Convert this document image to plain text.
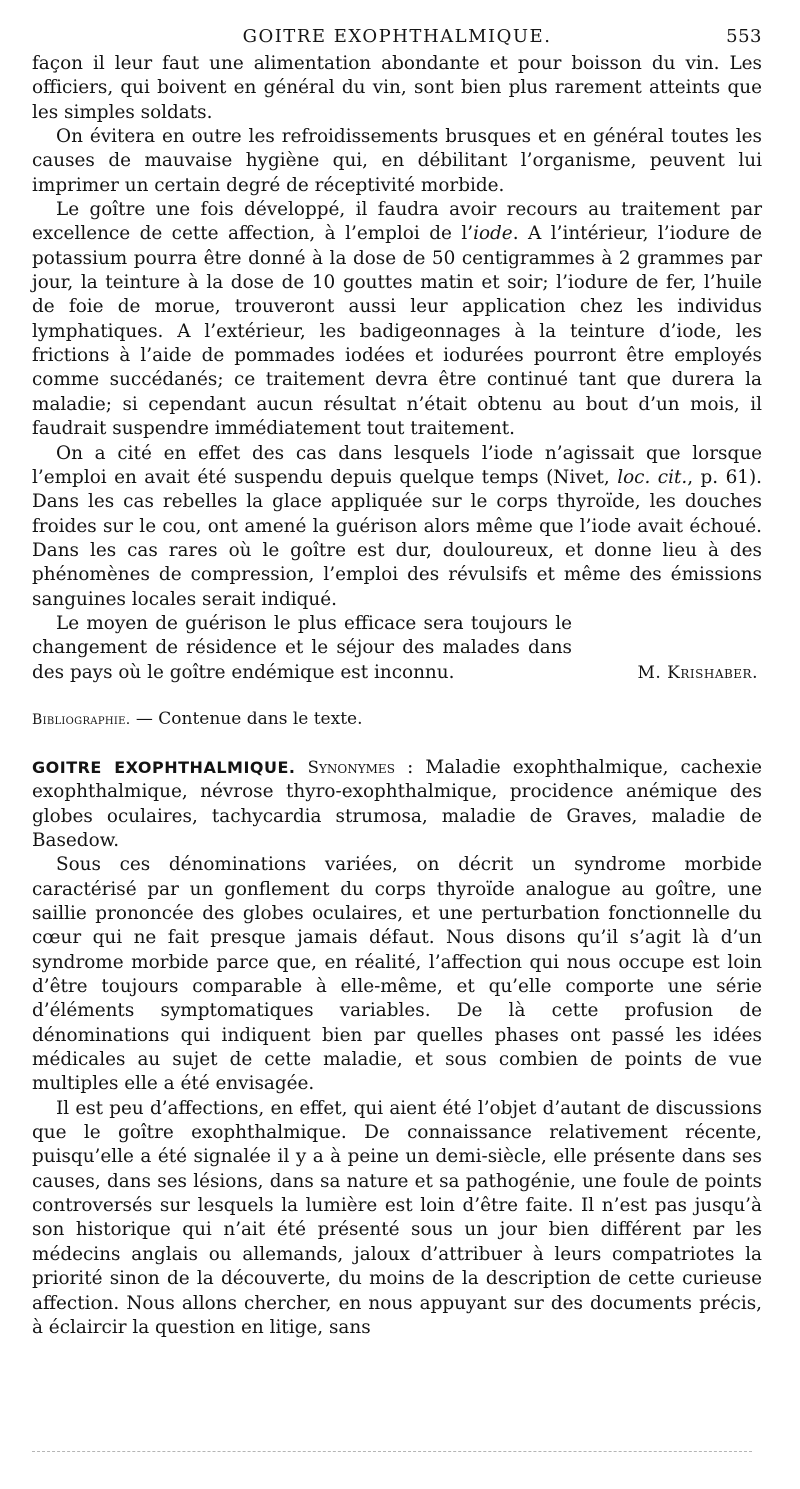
GOITRE EXOPHTHALMIQUE.	553

façon il leur faut une alimentation abondante et pour boisson du vin. Les officiers, qui boivent en général du vin, sont bien plus rarement atteints que les simples soldats.

On évitera en outre les refroidissements brusques et en général toutes les causes de mauvaise hygiène qui, en débilitant l’organisme, peuvent lui imprimer un certain degré de réceptivité morbide.

Le goître une fois développé, il faudra avoir recours au traitement par excellence de cette affection, à l’emploi de l’iode. A l’intérieur, l’iodure de potassium pourra être donné à la dose de 50 centigrammes à 2 grammes par jour, la teinture à la dose de 10 gouttes matin et soir; l’iodure de fer, l’huile de foie de morue, trouveront aussi leur application chez les individus lymphatiques. A l’extérieur, les badigeonnages à la teinture d’iode, les frictions à l’aide de pommades iodées et iodurées pourront être employés comme succédanés; ce traitement devra être continué tant que durera la maladie; si cependant aucun résultat n’était obtenu au bout d’un mois, il faudrait suspendre immédiatement tout traitement.

On a cité en effet des cas dans lesquels l’iode n’agissait que lorsque l’emploi en avait été suspendu depuis quelque temps (Nivet, loc. cit., p. 61). Dans les cas rebelles la glace appliquée sur le corps thyroïde, les douches froides sur le cou, ont amené la guérison alors même que l’iode avait échoué. Dans les cas rares où le goître est dur, douloureux, et donne lieu à des phénomènes de compression, l’emploi des révulsifs et même des émissions sanguines locales serait indiqué.

Le moyen de guérison le plus efficace sera toujours le changement de résidence et le séjour des malades dans des pays où le goître endémique est inconnu.	M. Krishaber.
Bibliographie. — Contenue dans le texte.

GOITRE EXOPHTHALMIQUE. Synonymes : Maladie exophthalmique, cachexie exophthalmique, névrose thyro-exophthalmique, procidence anémique des globes oculaires, tachycardia strumosa, maladie de Graves, maladie de Basedow.

Sous ces dénominations variées, on décrit un syndrome morbide caractérisé par un gonflement du corps thyroïde analogue au goître, une saillie prononcée des globes oculaires, et une perturbation fonctionnelle du cœur qui ne fait presque jamais défaut. Nous disons qu’il s’agit là d’un syndrome morbide parce que, en réalité, l’affection qui nous occupe est loin d’être toujours comparable à elle-même, et qu’elle comporte une série d’éléments symptomatiques variables. De là cette profusion de dénominations qui indiquent bien par quelles phases ont passé les idées médicales au sujet de cette maladie, et sous combien de points de vue multiples elle a été envisagée.

Il est peu d’affections, en effet, qui aient été l’objet d’autant de discussions que le goître exophthalmique. De connaissance relativement récente, puisqu’elle a été signalée il y a à peine un demi-siècle, elle présente dans ses causes, dans ses lésions, dans sa nature et sa pathogénie, une foule de points controversés sur lesquels la lumière est loin d’être faite. Il n’est pas jusqu’à son historique qui n’ait été présenté sous un jour bien différent par les médecins anglais ou allemands, jaloux d’attribuer à leurs compatriotes la priorité sinon de la découverte, du moins de la description de cette curieuse affection. Nous allons chercher, en nous appuyant sur des documents précis, à éclaircir la question en litige, sans
